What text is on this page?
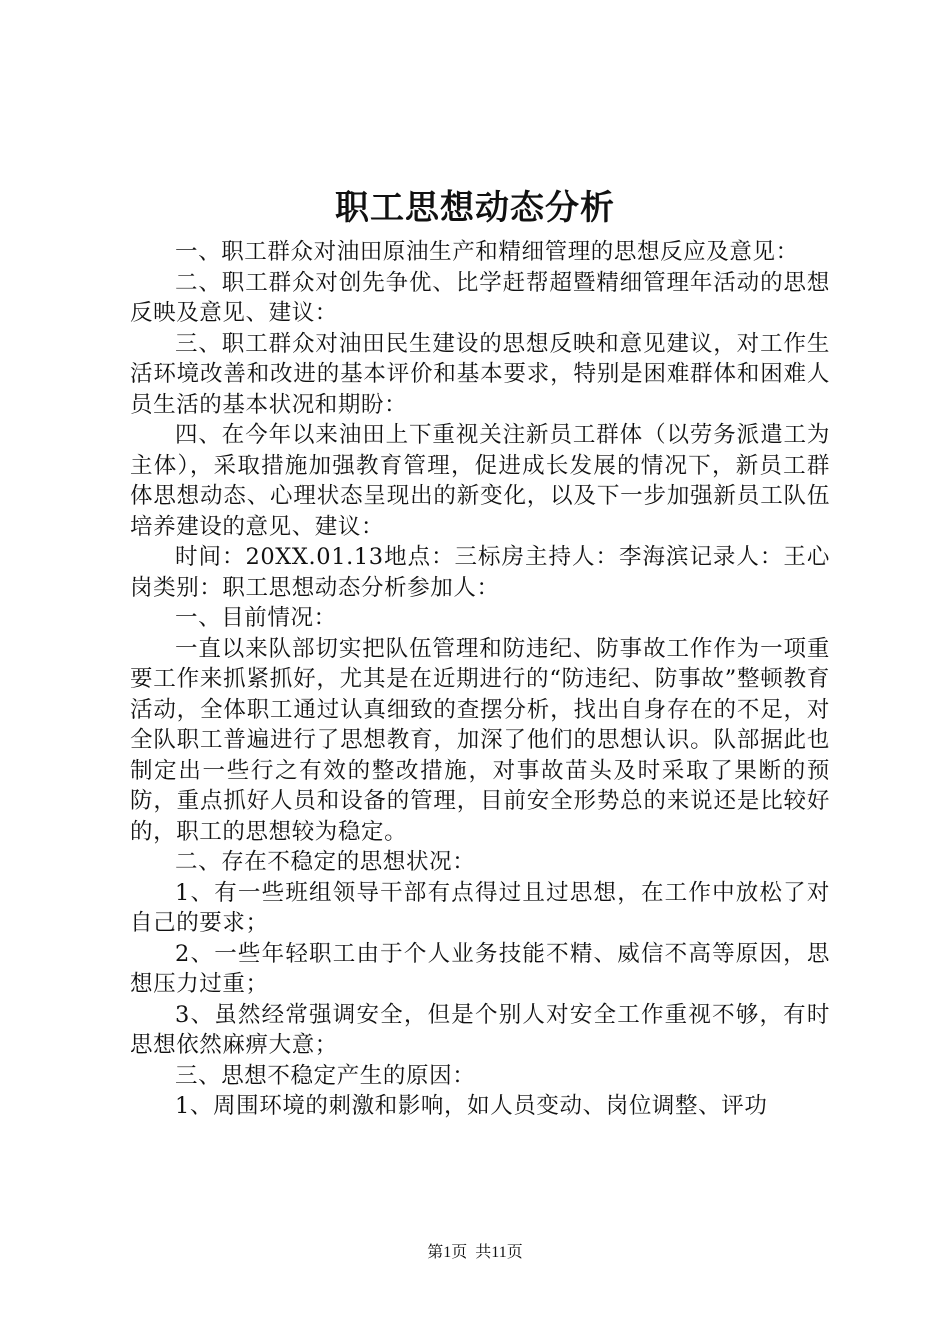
职工思想动态分析

一、职工群众对油田原油生产和精细管理的思想反应及意见：

二、职工群众对创先争优、比学赶帮超暨精细管理年活动的思想反映及意见、建议：

三、职工群众对油田民生建设的思想反映和意见建议，对工作生活环境改善和改进的基本评价和基本要求，特别是困难群体和困难人员生活的基本状况和期盼：

四、在今年以来油田上下重视关注新员工群体（以劳务派遣工为主体），采取措施加强教育管理，促进成长发展的情况下，新员工群体思想动态、心理状态呈现出的新变化，以及下一步加强新员工队伍培养建设的意见、建议：

时间：20XX.01.13地点：三标房主持人：李海滨记录人：王心岗类别：职工思想动态分析参加人：

一、目前情况：

一直以来队部切实把队伍管理和防违纪、防事故工作作为一项重要工作来抓紧抓好，尤其是在近期进行的“防违纪、防事故”整顿教育活动，全体职工通过认真细致的查摆分析，找出自身存在的不足，对全队职工普遍进行了思想教育，加深了他们的思想认识。队部据此也制定出一些行之有效的整改措施，对事故苗头及时采取了果断的预防，重点抓好人员和设备的管理，目前安全形势总的来说还是比较好的，职工的思想较为稳定。

二、存在不稳定的思想状况：

1、有一些班组领导干部有点得过且过思想，在工作中放松了对自己的要求；

2、一些年轻职工由于个人业务技能不精、威信不高等原因，思想压力过重；

3、虽然经常强调安全，但是个别人对安全工作重视不够，有时思想依然麻痹大意；

三、思想不稳定产生的原因：

1、周围环境的刺激和影响，如人员变动、岗位调整、评功

第1页 共11页
